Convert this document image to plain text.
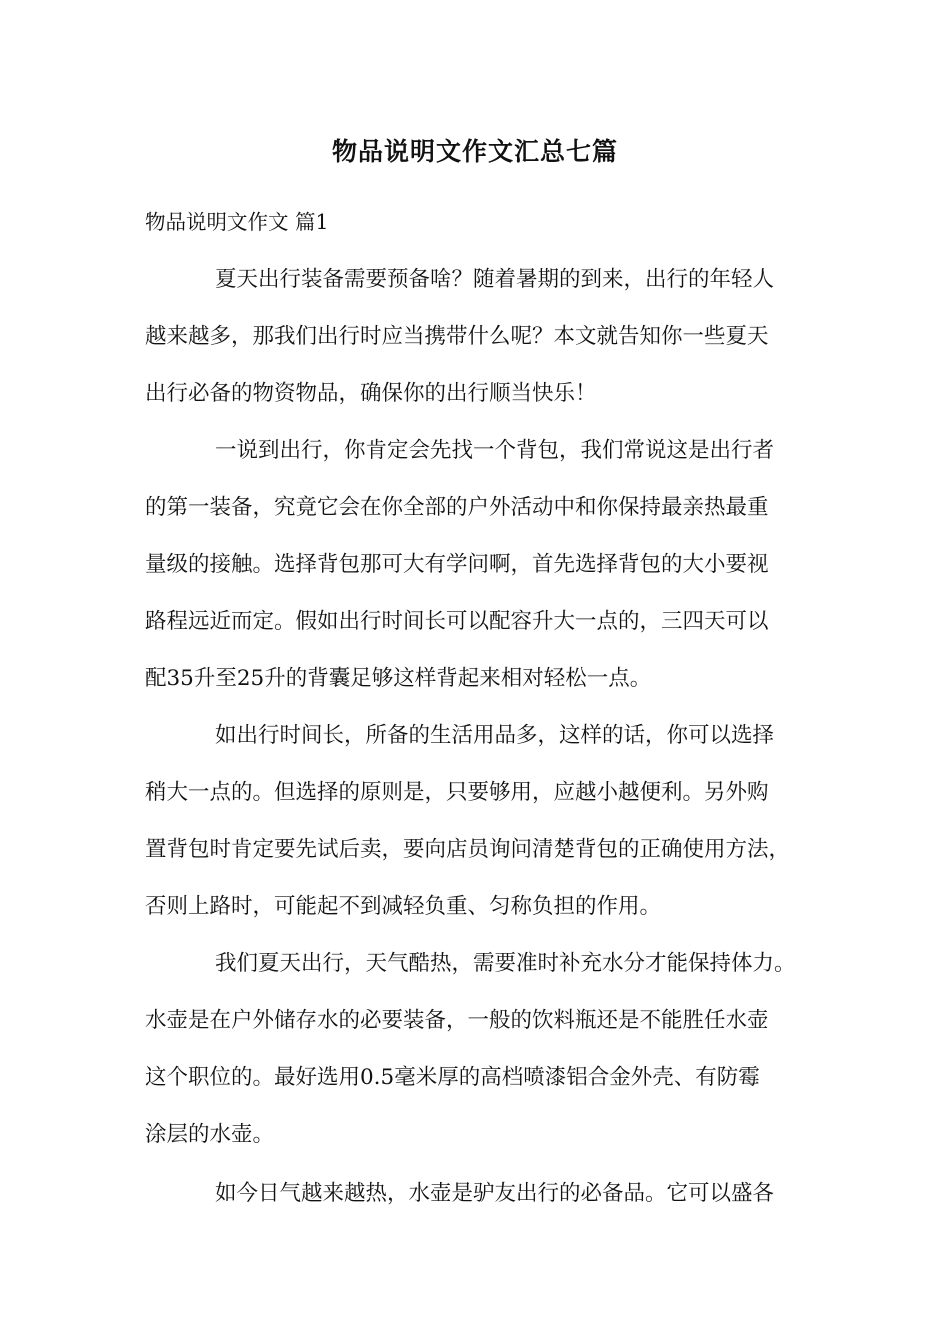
物品说明文作文汇总七篇

物品说明文作文 篇1

夏天出行装备需要预备啥？随着暑期的到来，出行的年轻人

越来越多，那我们出行时应当携带什么呢？本文就告知你一些夏天

出行必备的物资物品，确保你的出行顺当快乐！

一说到出行，你肯定会先找一个背包，我们常说这是出行者

的第一装备，究竟它会在你全部的户外活动中和你保持最亲热最重

量级的接触。选择背包那可大有学问啊，首先选择背包的大小要视

路程远近而定。假如出行时间长可以配容升大一点的，三四天可以

配35升至25升的背囊足够这样背起来相对轻松一点。

如出行时间长，所备的生活用品多，这样的话，你可以选择

稍大一点的。但选择的原则是，只要够用，应越小越便利。另外购

置背包时肯定要先试后卖，要向店员询问清楚背包的正确使用方法，

否则上路时，可能起不到减轻负重、匀称负担的作用。

我们夏天出行，天气酷热，需要准时补充水分才能保持体力。

水壶是在户外储存水的必要装备，一般的饮料瓶还是不能胜任水壶

这个职位的。最好选用0.5毫米厚的高档喷漆铝合金外壳、有防霉

涂层的水壶。

如今日气越来越热，水壶是驴友出行的必备品。它可以盛各
